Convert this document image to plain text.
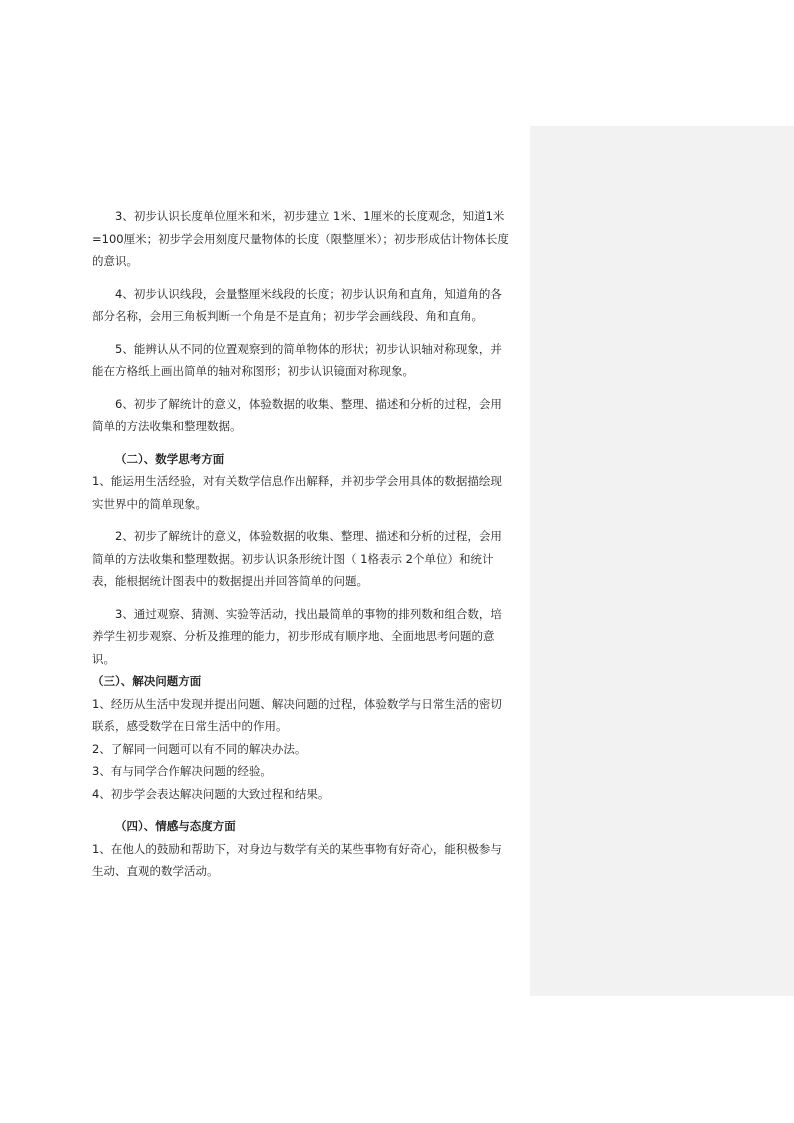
3、初步认识长度单位厘米和米，初步建立 1米、1厘米的长度观念，知道1米=100厘米；初步学会用刻度尺量物体的长度（限整厘米）；初步形成估计物体长度的意识。

4、初步认识线段，会量整厘米线段的长度；初步认识角和直角，知道角的各部分名称，会用三角板判断一个角是不是直角；初步学会画线段、角和直角。

5、能辨认从不同的位置观察到的简单物体的形状；初步认识轴对称现象，并能在方格纸上画出简单的轴对称图形；初步认识镜面对称现象。

6、初步了解统计的意义，体验数据的收集、整理、描述和分析的过程，会用简单的方法收集和整理数据。

（二）、数学思考方面

1、能运用生活经验，对有关数学信息作出解释，并初步学会用具体的数据描绘现实世界中的简单现象。

2、初步了解统计的意义，体验数据的收集、整理、描述和分析的过程，会用简单的方法收集和整理数据。初步认识条形统计图（ 1格表示 2个单位）和统计表，能根据统计图表中的数据提出并回答简单的问题。

3、通过观察、猜测、实验等活动，找出最简单的事物的排列数和组合数，培养学生初步观察、分析及推理的能力，初步形成有顺序地、全面地思考问题的意识。

（三）、解决问题方面

1、经历从生活中发现并提出问题、解决问题的过程，体验数学与日常生活的密切联系，感受数学在日常生活中的作用。

2、了解同一问题可以有不同的解决办法。

3、有与同学合作解决问题的经验。

4、初步学会表达解决问题的大致过程和结果。

（四）、情感与态度方面

1、在他人的鼓励和帮助下，对身边与数学有关的某些事物有好奇心，能积极参与生动、直观的数学活动。
